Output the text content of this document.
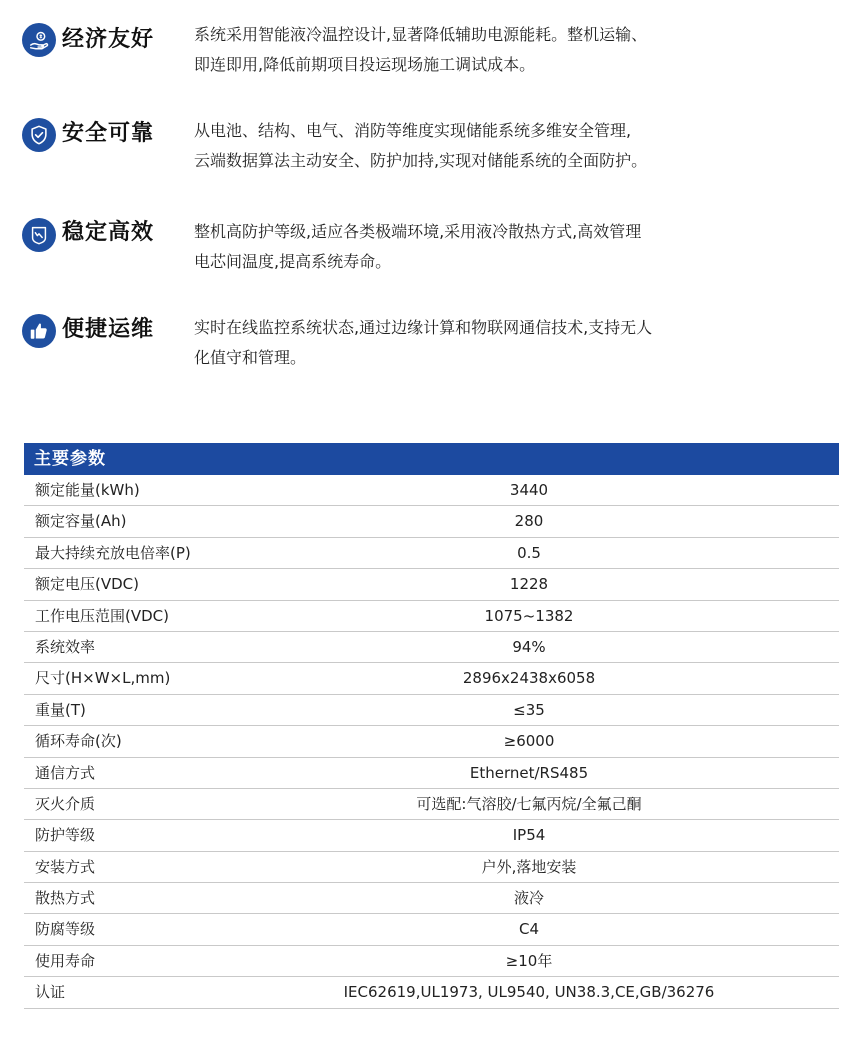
经济友好 系统采用智能液冷温控设计,显著降低辅助电源能耗。整机运输、
即连即用,降低前期项目投运现场施工调试成本。
安全可靠 从电池、结构、电气、消防等维度实现储能系统多维安全管理,
云端数据算法主动安全、防护加持,实现对储能系统的全面防护。
稳定高效 整机高防护等级,适应各类极端环境,采用液冷散热方式,高效管理
电芯间温度,提高系统寿命。
便捷运维 实时在线监控系统状态,通过边缘计算和物联网通信技术,支持无人
化值守和管理。
主要参数
额定能量(kWh)	3440
额定容量(Ah)	280
最大持续充放电倍率(P)	0.5
额定电压(VDC)	1228
工作电压范围(VDC)	1075~1382
系统效率	94%
尺寸(H×W×L,mm)	2896x2438x6058
重量(T)	≤35
循环寿命(次)	≥6000
通信方式	Ethernet/RS485
灭火介质	可选配:气溶胶/七氟丙烷/全氟己酮
防护等级	IP54
安装方式	户外,落地安装
散热方式	液冷
防腐等级	C4
使用寿命	≥10年
认证	IEC62619,UL1973, UL9540, UN38.3,CE,GB/36276
